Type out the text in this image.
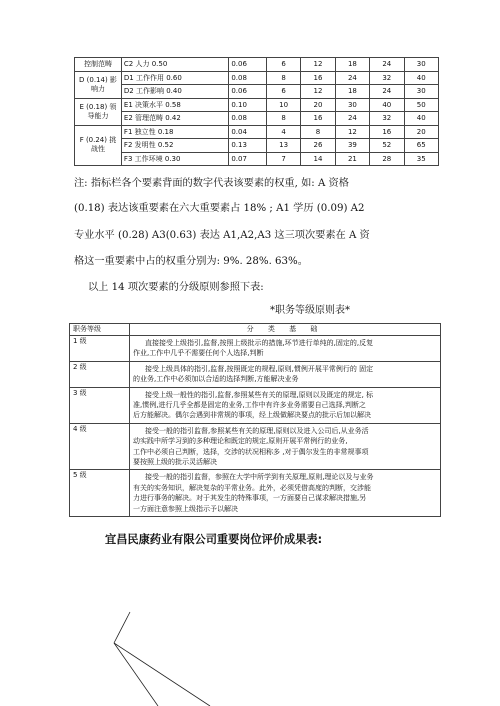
控制范畴	C2 人力 0.50	0.06	6	12	18	24	30
D (0.14) 影响力	D1 工作作用 0.60	0.08	8	16	24	32	40
	D2 工作影响 0.40	0.06	6	12	18	24	30
E (0.18) 领导能力	E1 决策水平 0.58	0.10	10	20	30	40	50
	E2 管理范畴 0.42	0.08	8	16	24	32	40
F (0.24) 挑战性	F1 独立性 0.18	0.04	4	8	12	16	20
	F2 发明性 0.52	0.13	13	26	39	52	65
	F3 工作环境 0.30	0.07	7	14	21	28	35
注: 指标栏各个要素背面的数字代表该要素的权重, 如: A 资格
(0.18) 表达该重要素在六大重要素占 18% ; A1 学历 (0.09) A2
专业水平 (0.28) A3(0.63) 表达 A1,A2,A3 这三项次要素在 A 资
格这一重要素中占的权重分别为: 9%. 28%. 63%。
以上 14 项次要素的分级原则参照下表:
*职务等级原则表*
职务等级	分 类 基 础
1 级	直接接受上级指引,监督,按照上级批示的措施,环节进行单纯的,固定的,反复
作业,工作中几乎不需要任何个人选择,判断

2 级	接受上级具体的指引,监督,按照既定的规程,原则,惯例开展平常例行的 固定
的业务,工作中必须加以合适的选择判断,方能解决业务

3 级	接受上级一般性的指引,监督,参照某些有关的原理,原则以及既定的规定, 标
准,惯例,进行几乎全都是固定的业务,工作中有许多业务需要自己选择,判断之
后方能解决。偶尔会遇到非常规的事项，经上级做解决要点的批示后加以解决

4 级	接受一般的指引监督,参照某些有关的原理,原则以及进入公司后,从业务活
动实践中所学习到的多种理论和既定的规定,原则开展平常例行的业务,
工作中必须自己判断，选择，交涉的状况相称多 ,对于偶尔发生的非常规事项
要按照上级的批示灵活解决

5 级	接受一般的指引监督，参照在大学中所学到有关原理,原则,理论以及与业务
有关的实务知识，解决复杂的平常业务。此外，必须凭借高度的判断，交涉能
力进行事务的解决。对于其发生的特殊事项，一方面要自己谋求解决措施,另
一方面注意参照上级指示予以解决
宜昌民康药业有限公司重要岗位评价成果表:
